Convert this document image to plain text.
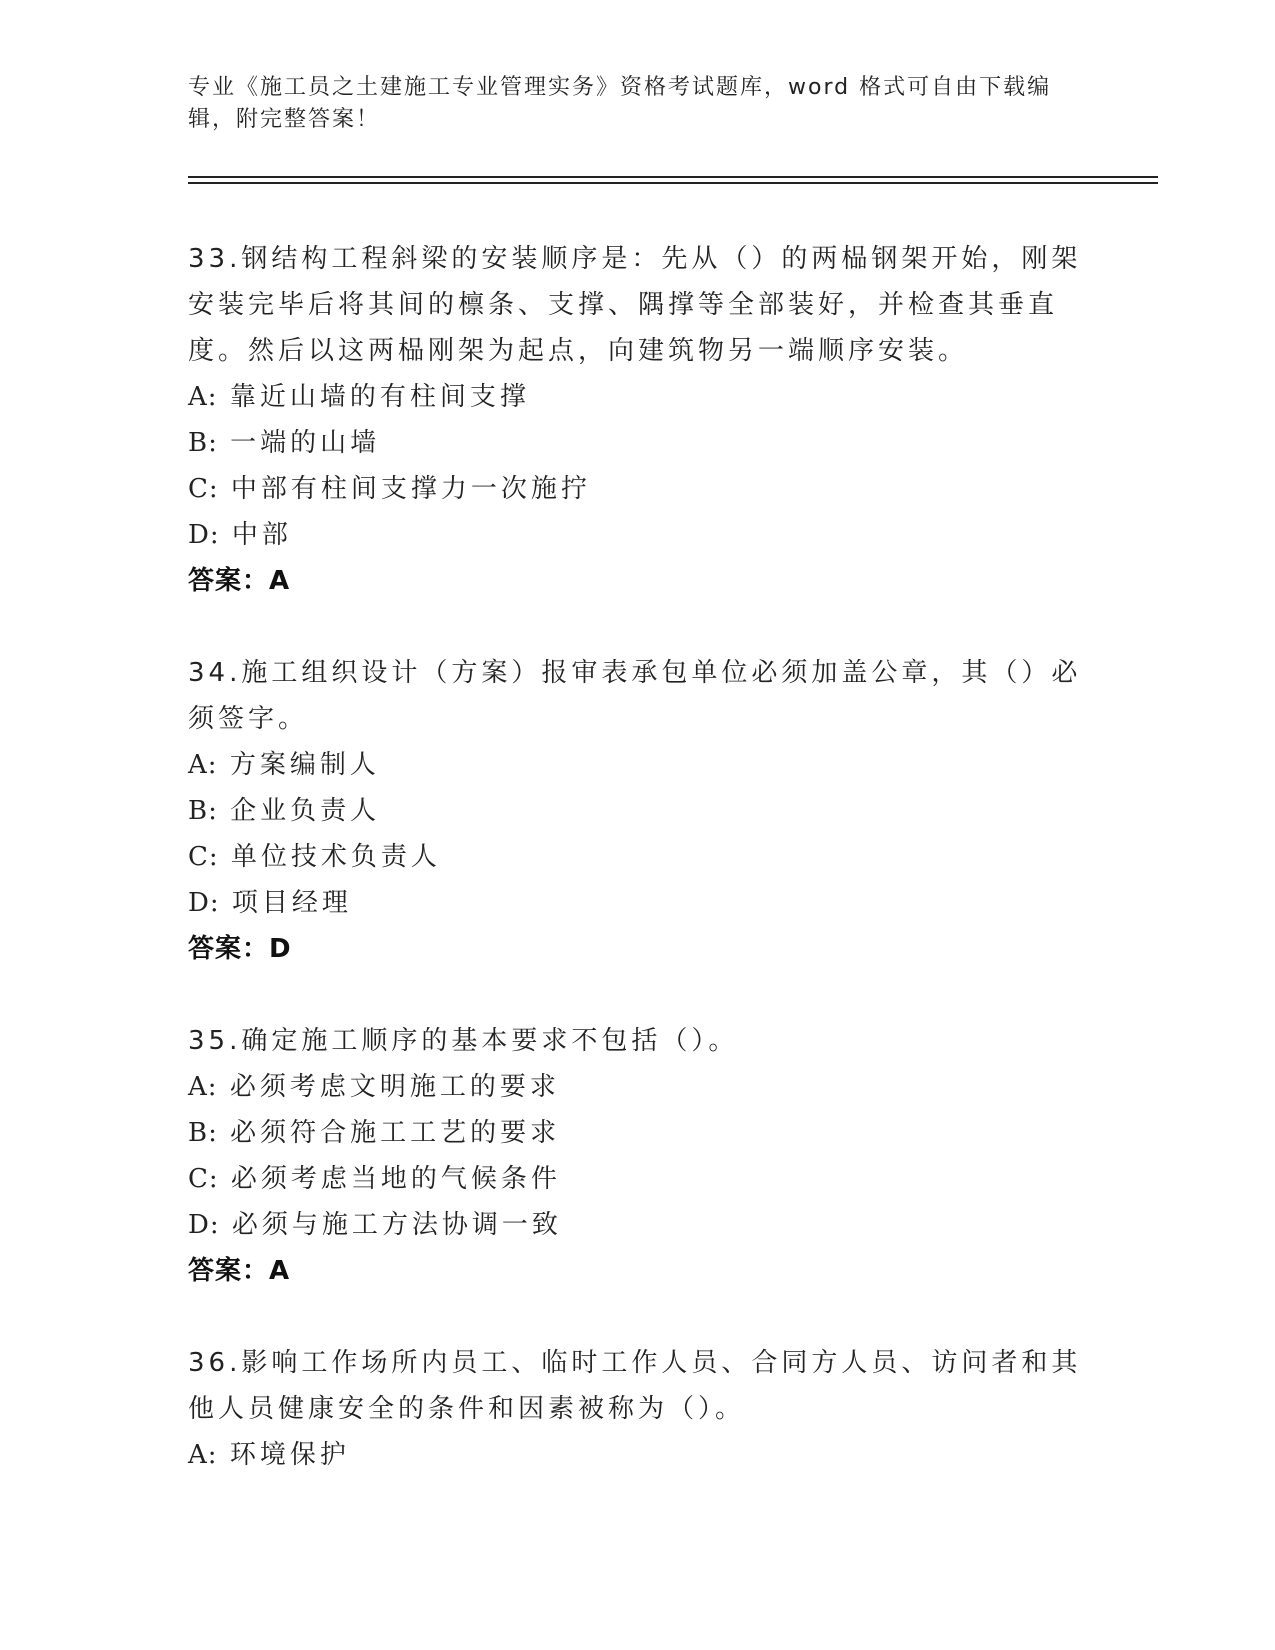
专业《施工员之土建施工专业管理实务》资格考试题库，word 格式可自由下载编辑，附完整答案！
33.钢结构工程斜梁的安装顺序是：先从（）的两榀钢架开始，刚架安装完毕后将其间的檩条、支撑、隅撑等全部装好，并检查其垂直度。然后以这两榀刚架为起点，向建筑物另一端顺序安装。
A: 靠近山墙的有柱间支撑
B: 一端的山墙
C: 中部有柱间支撑力一次施拧
D: 中部
答案：A
34.施工组织设计（方案）报审表承包单位必须加盖公章，其（）必须签字。
A: 方案编制人
B: 企业负责人
C: 单位技术负责人
D: 项目经理
答案：D
35.确定施工顺序的基本要求不包括（）。
A: 必须考虑文明施工的要求
B: 必须符合施工工艺的要求
C: 必须考虑当地的气候条件
D: 必须与施工方法协调一致
答案：A
36.影响工作场所内员工、临时工作人员、合同方人员、访问者和其他人员健康安全的条件和因素被称为（）。
A: 环境保护
